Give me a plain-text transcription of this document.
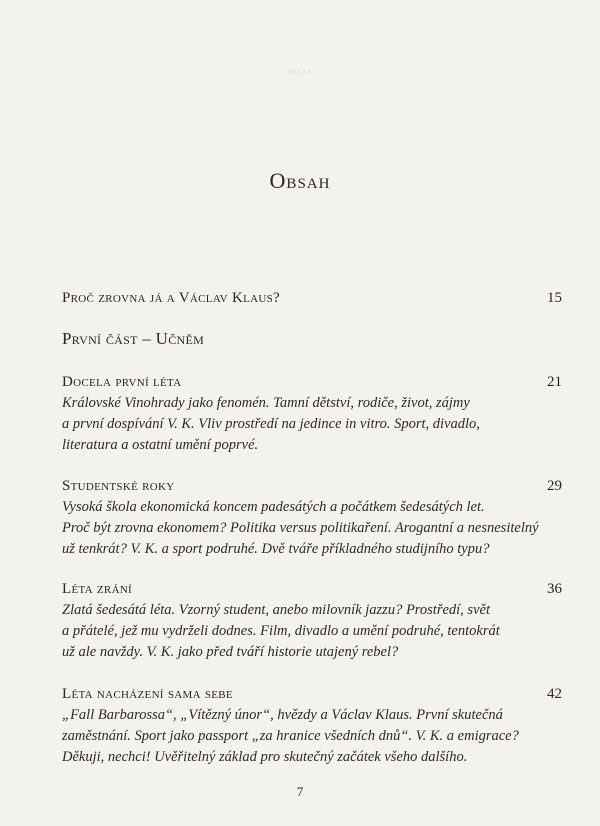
OBSAH
Obsah
Proč zrovna já a Václav Klaus?	15
První část – Učněm
Docela první léta	21
Královské Vinohrady jako fenomén. Tamní dětství, rodiče, život, zájmy
a první dospívání V. K. Vliv prostředí na jedince in vitro. Sport, divadlo,
literatura a ostatní umění poprvé.
Studentské roky	29
Vysoká škola ekonomická koncem padesátých a počátkem šedesátých let.
Proč být zrovna ekonomem? Politika versus politikaření. Arogantní a nesnesitelný
už tenkrát? V. K. a sport podruhé. Dvě tváře příkladného studijního typu?
Léta zrání	36
Zlatá šedesátá léta. Vzorný student, anebo milovník jazzu? Prostředí, svět
a přátelé, jež mu vydrželi dodnes. Film, divadlo a umění podruhé, tentokrát
už ale navždy. V. K. jako před tváří historie utajený rebel?
Léta nacházení sama sebe	42
„Fall Barbarossa“, „Vítězný únor“, hvězdy a Václav Klaus. První skutečná
zaměstnání. Sport jako passport „za hranice všedních dnů“. V. K. a emigrace?
Děkuji, nechci! Uvěřitelný základ pro skutečný začátek všeho dalšího.
7
